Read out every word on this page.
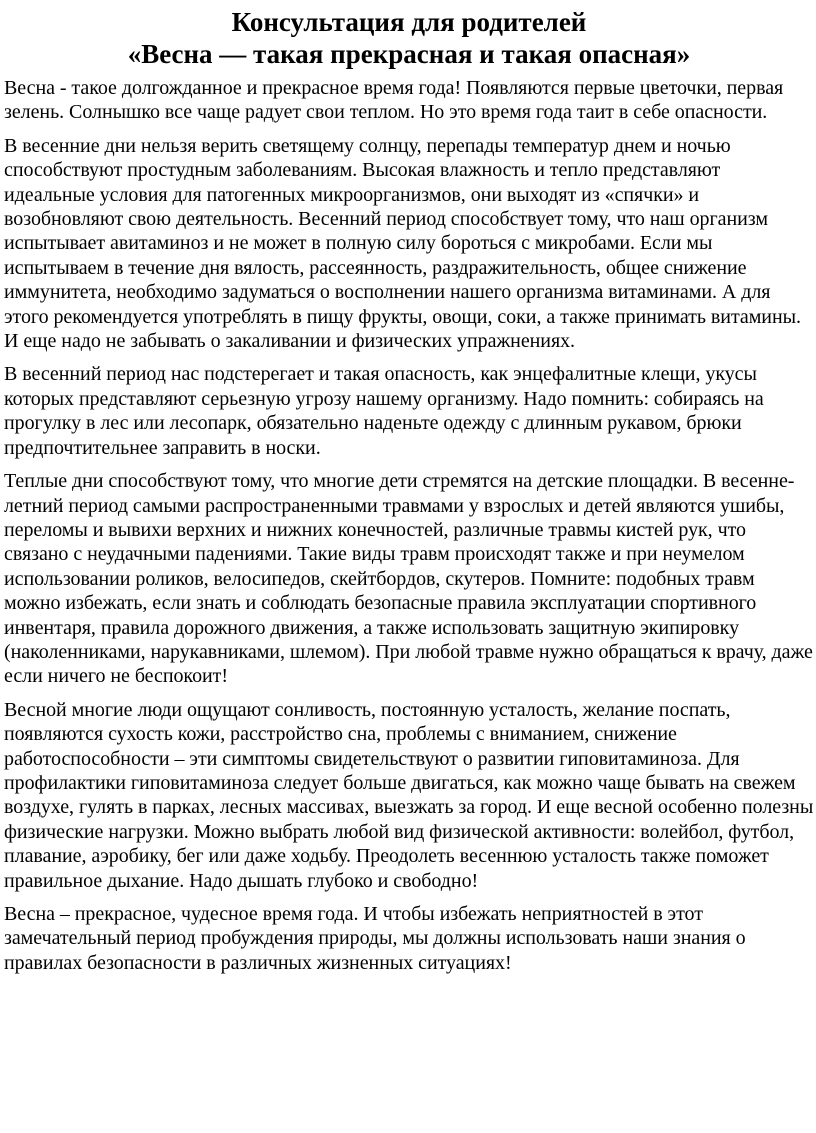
Консультация для родителей
«Весна — такая прекрасная и такая опасная»

Весна - такое долгожданное и прекрасное время года! Появляются первые цветочки, первая зелень. Солнышко все чаще радует свои теплом. Но это время года таит в себе опасности.

В весенние дни нельзя верить светящему солнцу, перепады температур днем и ночью способствуют простудным заболеваниям. Высокая влажность и тепло представляют идеальные условия для патогенных микроорганизмов, они выходят из «спячки» и возобновляют свою деятельность. Весенний период способствует тому, что наш организм испытывает авитаминоз и не может в полную силу бороться с микробами. Если мы испытываем в течение дня вялость, рассеянность, раздражительность, общее снижение иммунитета, необходимо задуматься о восполнении нашего организма витаминами. А для этого рекомендуется употреблять в пищу фрукты, овощи, соки, а также принимать витамины. И еще надо не забывать о закаливании и физических упражнениях.

В весенний период нас подстерегает и такая опасность, как энцефалитные клещи, укусы которых представляют серьезную угрозу нашему организму. Надо помнить: собираясь на прогулку в лес или лесопарк, обязательно наденьте одежду с длинным рукавом, брюки предпочтительнее заправить в носки.

Теплые дни способствуют тому, что многие дети стремятся на детские площадки. В весенне-летний период самыми распространенными травмами у взрослых и детей являются ушибы, переломы и вывихи верхних и нижних конечностей, различные травмы кистей рук, что связано с неудачными падениями. Такие виды травм происходят также и при неумелом использовании роликов, велосипедов, скейтбордов, скутеров. Помните: подобных травм можно избежать, если знать и соблюдать безопасные правила эксплуатации спортивного инвентаря, правила дорожного движения, а также использовать защитную экипировку (наколенниками, нарукавниками, шлемом). При любой травме нужно обращаться к врачу, даже если ничего не беспокоит!

Весной многие люди ощущают сонливость, постоянную усталость, желание поспать, появляются сухость кожи, расстройство сна, проблемы с вниманием, снижение работоспособности – эти симптомы свидетельствуют о развитии гиповитаминоза. Для профилактики гиповитаминоза следует больше двигаться, как можно чаще бывать на свежем воздухе, гулять в парках, лесных массивах, выезжать за город. И еще весной особенно полезны физические нагрузки. Можно выбрать любой вид физической активности: волейбол, футбол, плавание, аэробику, бег или даже ходьбу. Преодолеть весеннюю усталость также поможет правильное дыхание. Надо дышать глубоко и свободно!

Весна – прекрасное, чудесное время года. И чтобы избежать неприятностей в этот замечательный период пробуждения природы, мы должны использовать наши знания о правилах безопасности в различных жизненных ситуациях!
